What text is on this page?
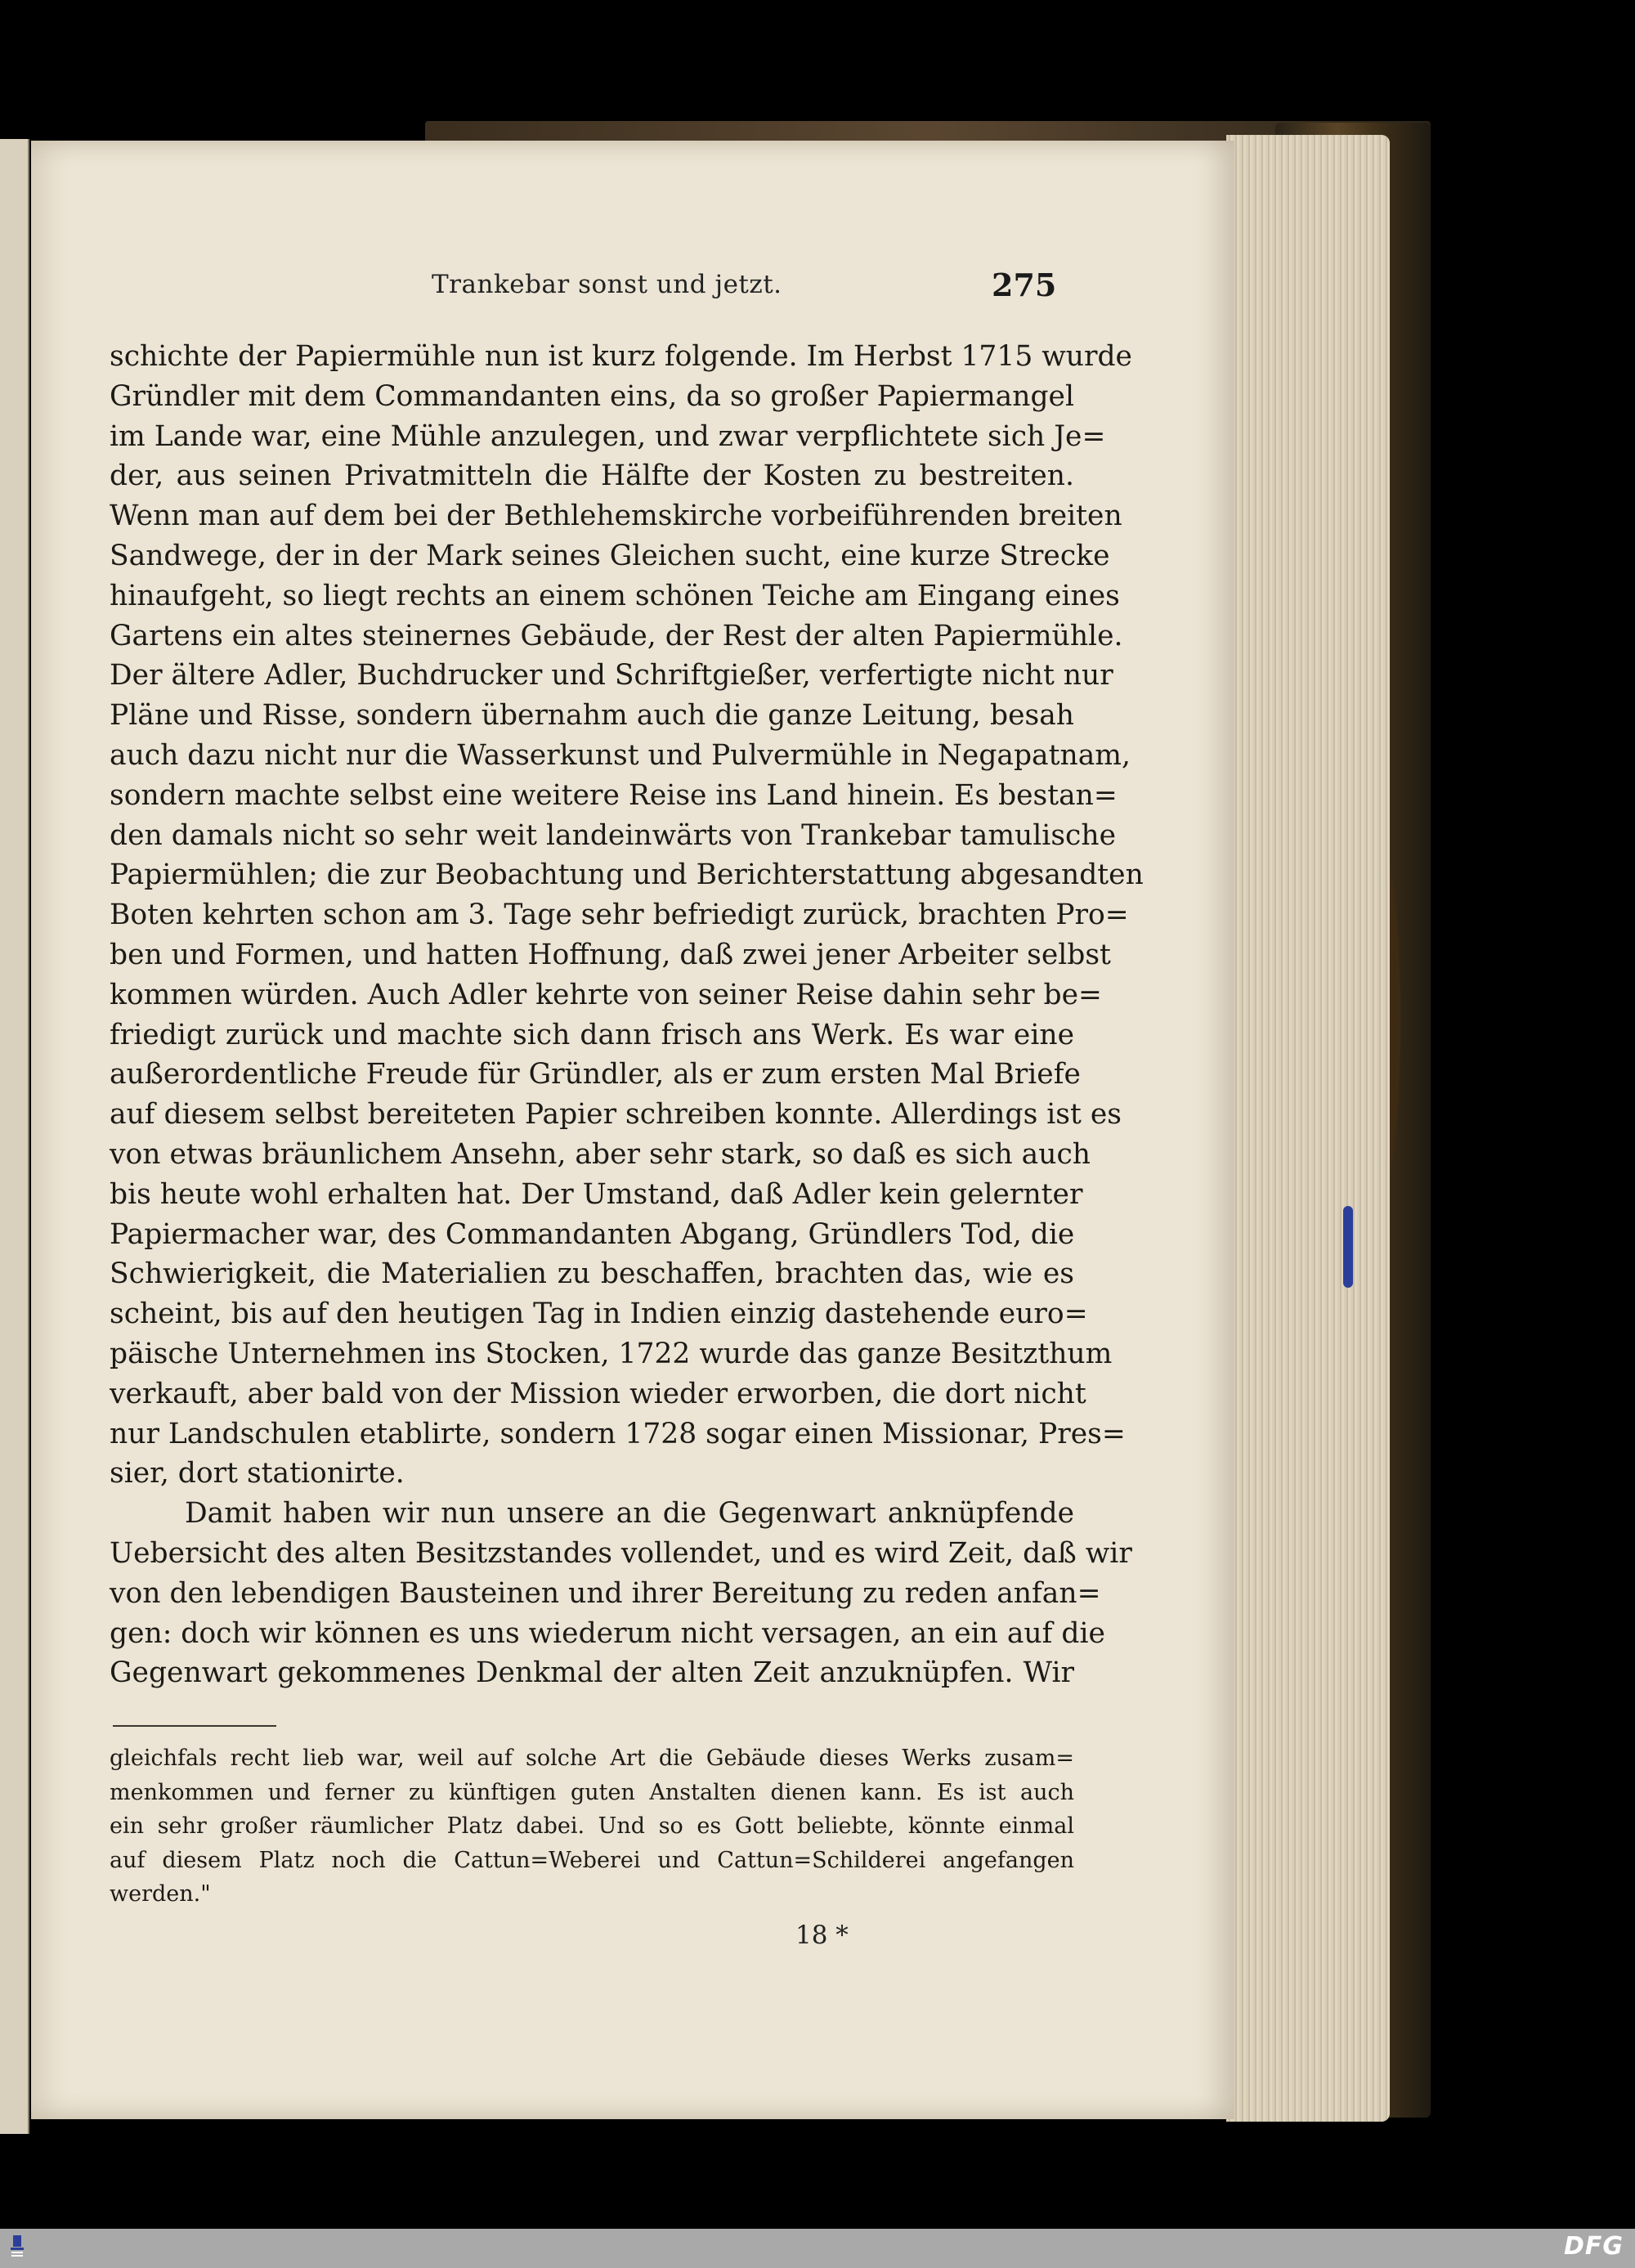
Trankebar sonst und jetzt.	275
schichte der Papiermühle nun ist kurz folgende. Im Herbst 1715 wurde
Gründler mit dem Commandanten eins, da so großer Papiermangel
im Lande war, eine Mühle anzulegen, und zwar verpflichtete sich Je=
der, aus seinen Privatmitteln die Hälfte der Kosten zu bestreiten.
Wenn man auf dem bei der Bethlehemskirche vorbeiführenden breiten
Sandwege, der in der Mark seines Gleichen sucht, eine kurze Strecke
hinaufgeht, so liegt rechts an einem schönen Teiche am Eingang eines
Gartens ein altes steinernes Gebäude, der Rest der alten Papiermühle.
Der ältere Adler, Buchdrucker und Schriftgießer, verfertigte nicht nur
Pläne und Risse, sondern übernahm auch die ganze Leitung, besah
auch dazu nicht nur die Wasserkunst und Pulvermühle in Negapatnam,
sondern machte selbst eine weitere Reise ins Land hinein. Es bestan=
den damals nicht so sehr weit landeinwärts von Trankebar tamulische
Papiermühlen; die zur Beobachtung und Berichterstattung abgesandten
Boten kehrten schon am 3. Tage sehr befriedigt zurück, brachten Pro=
ben und Formen, und hatten Hoffnung, daß zwei jener Arbeiter selbst
kommen würden. Auch Adler kehrte von seiner Reise dahin sehr be=
friedigt zurück und machte sich dann frisch ans Werk. Es war eine
außerordentliche Freude für Gründler, als er zum ersten Mal Briefe
auf diesem selbst bereiteten Papier schreiben konnte. Allerdings ist es
von etwas bräunlichem Ansehn, aber sehr stark, so daß es sich auch
bis heute wohl erhalten hat. Der Umstand, daß Adler kein gelernter
Papiermacher war, des Commandanten Abgang, Gründlers Tod, die
Schwierigkeit, die Materialien zu beschaffen, brachten das, wie es
scheint, bis auf den heutigen Tag in Indien einzig dastehende euro=
päische Unternehmen ins Stocken, 1722 wurde das ganze Besitzthum
verkauft, aber bald von der Mission wieder erworben, die dort nicht
nur Landschulen etablirte, sondern 1728 sogar einen Missionar, Pres=
sier, dort stationirte.
Damit haben wir nun unsere an die Gegenwart anknüpfende
Uebersicht des alten Besitzstandes vollendet, und es wird Zeit, daß wir
von den lebendigen Bausteinen und ihrer Bereitung zu reden anfan=
gen: doch wir können es uns wiederum nicht versagen, an ein auf die
Gegenwart gekommenes Denkmal der alten Zeit anzuknüpfen. Wir
gleichfals recht lieb war, weil auf solche Art die Gebäude dieses Werks zusam=
menkommen und ferner zu künftigen guten Anstalten dienen kann. Es ist auch
ein sehr großer räumlicher Platz dabei. Und so es Gott beliebte, könnte einmal
auf diesem Platz noch die Cattun=Weberei und Cattun=Schilderei angefangen
werden."
18 *
DFG
